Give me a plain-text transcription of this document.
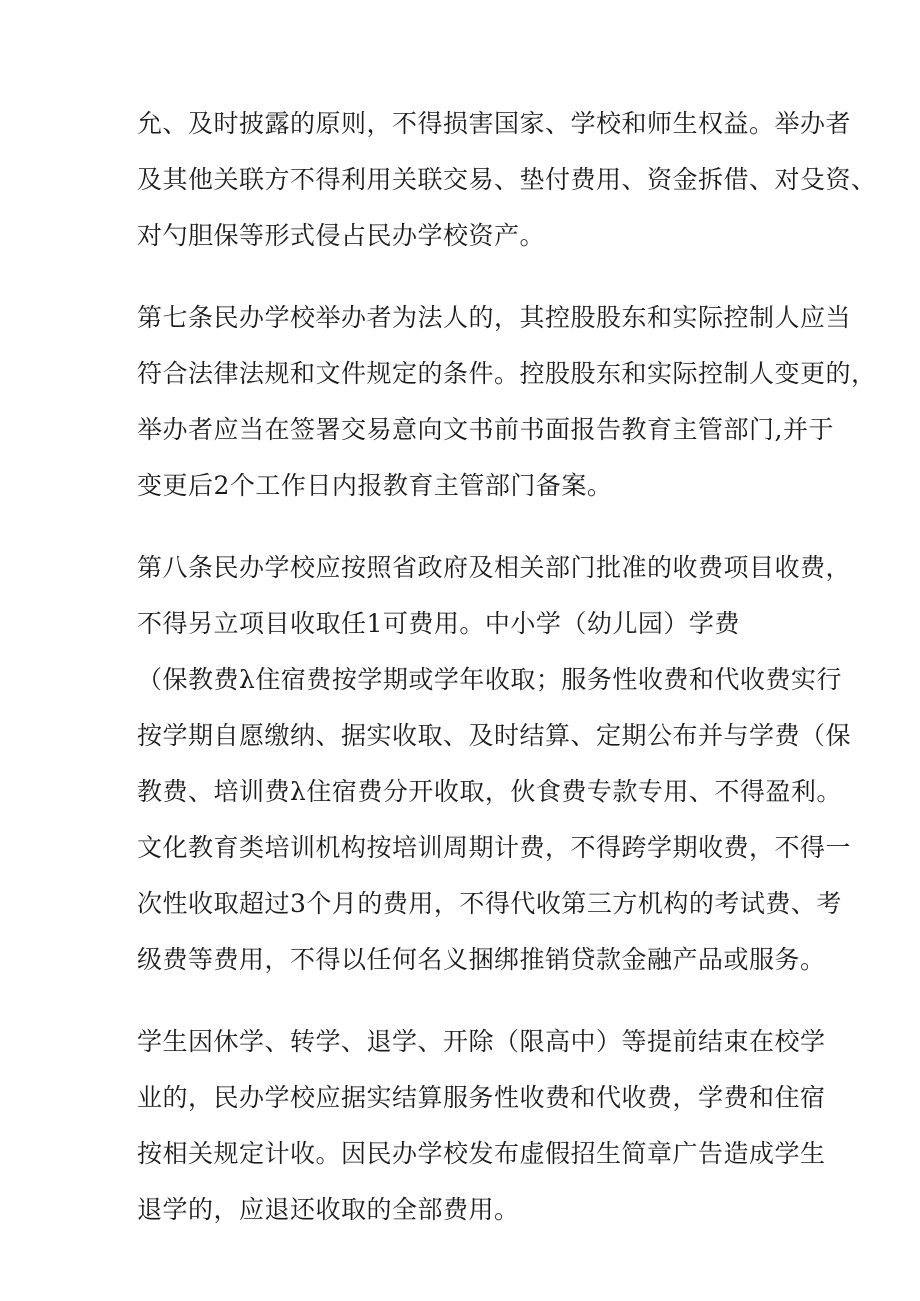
允、及时披露的原则，不得损害国家、学校和师生权益。举办者
及其他关联方不得利用关联交易、垫付费用、资金拆借、对殳资、
对勺胆保等形式侵占民办学校资产。
第七条民办学校举办者为法人的，其控股股东和实际控制人应当
符合法律法规和文件规定的条件。控股股东和实际控制人变更的，
举办者应当在签署交易意向文书前书面报告教育主管部门,并于
变更后2个工作日内报教育主管部门备案。
第八条民办学校应按照省政府及相关部门批准的收费项目收费，
不得另立项目收取任1可费用。中小学（幼儿园）学费
（保教费λ住宿费按学期或学年收取；服务性收费和代收费实行
按学期自愿缴纳、据实收取、及时结算、定期公布并与学费（保
教费、培训费λ住宿费分开收取，伙食费专款专用、不得盈利。
文化教育类培训机构按培训周期计费，不得跨学期收费，不得一
次性收取超过3个月的费用，不得代收第三方机构的考试费、考
级费等费用，不得以任何名义捆绑推销贷款金融产品或服务。
学生因休学、转学、退学、开除（限高中）等提前结束在校学
业的，民办学校应据实结算服务性收费和代收费，学费和住宿
按相关规定计收。因民办学校发布虚假招生简章广告造成学生
退学的，应退还收取的全部费用。
